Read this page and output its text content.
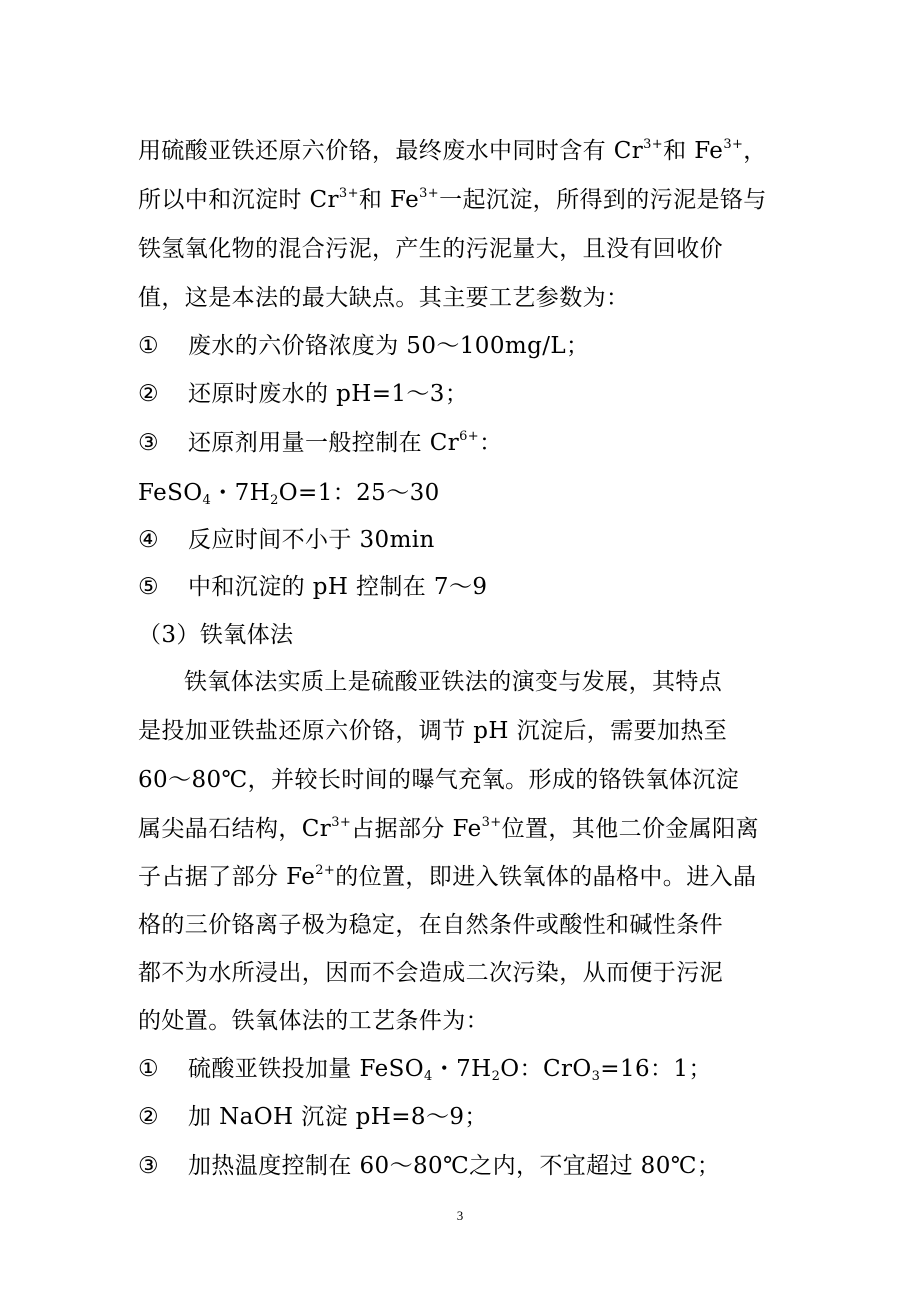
用硫酸亚铁还原六价铬，最终废水中同时含有 $Cr^{3+}$和 $Fe^{3+}$，
所以中和沉淀时 $Cr^{3+}$和 $Fe^{3+}$一起沉淀，所得到的污泥是铬与
铁氢氧化物的混合污泥，产生的污泥量大，且没有回收价
值，这是本法的最大缺点。其主要工艺参数为：
① 废水的六价铬浓度为 50～100mg/L；
② 还原时废水的 pH=1～3；
③ 还原剂用量一般控制在 $Cr^{6+}$：
FeSO$_4$・$7H_2O=1$：25～30
④ 反应时间不小于 30min
⑤ 中和沉淀的 pH 控制在 7～9
（3）铁氧体法
铁氧体法实质上是硫酸亚铁法的演变与发展，其特点
是投加亚铁盐还原六价铬，调节 pH 沉淀后，需要加热至
60～80℃，并较长时间的曝气充氧。形成的铬铁氧体沉淀
属尖晶石结构，$Cr^{3+}$占据部分 $Fe^{3+}$位置，其他二价金属阳离
子占据了部分 $Fe^{2+}$的位置，即进入铁氧体的晶格中。进入晶
格的三价铬离子极为稳定，在自然条件或酸性和碱性条件
都不为水所浸出，因而不会造成二次污染，从而便于污泥
的处置。铁氧体法的工艺条件为：
① 硫酸亚铁投加量 FeSO$_4$・$7H_2O$：CrO$_3$=16：1；
② 加 NaOH 沉淀 pH=8～9；
③ 加热温度控制在 60～80℃之内，不宜超过 80℃；
3
